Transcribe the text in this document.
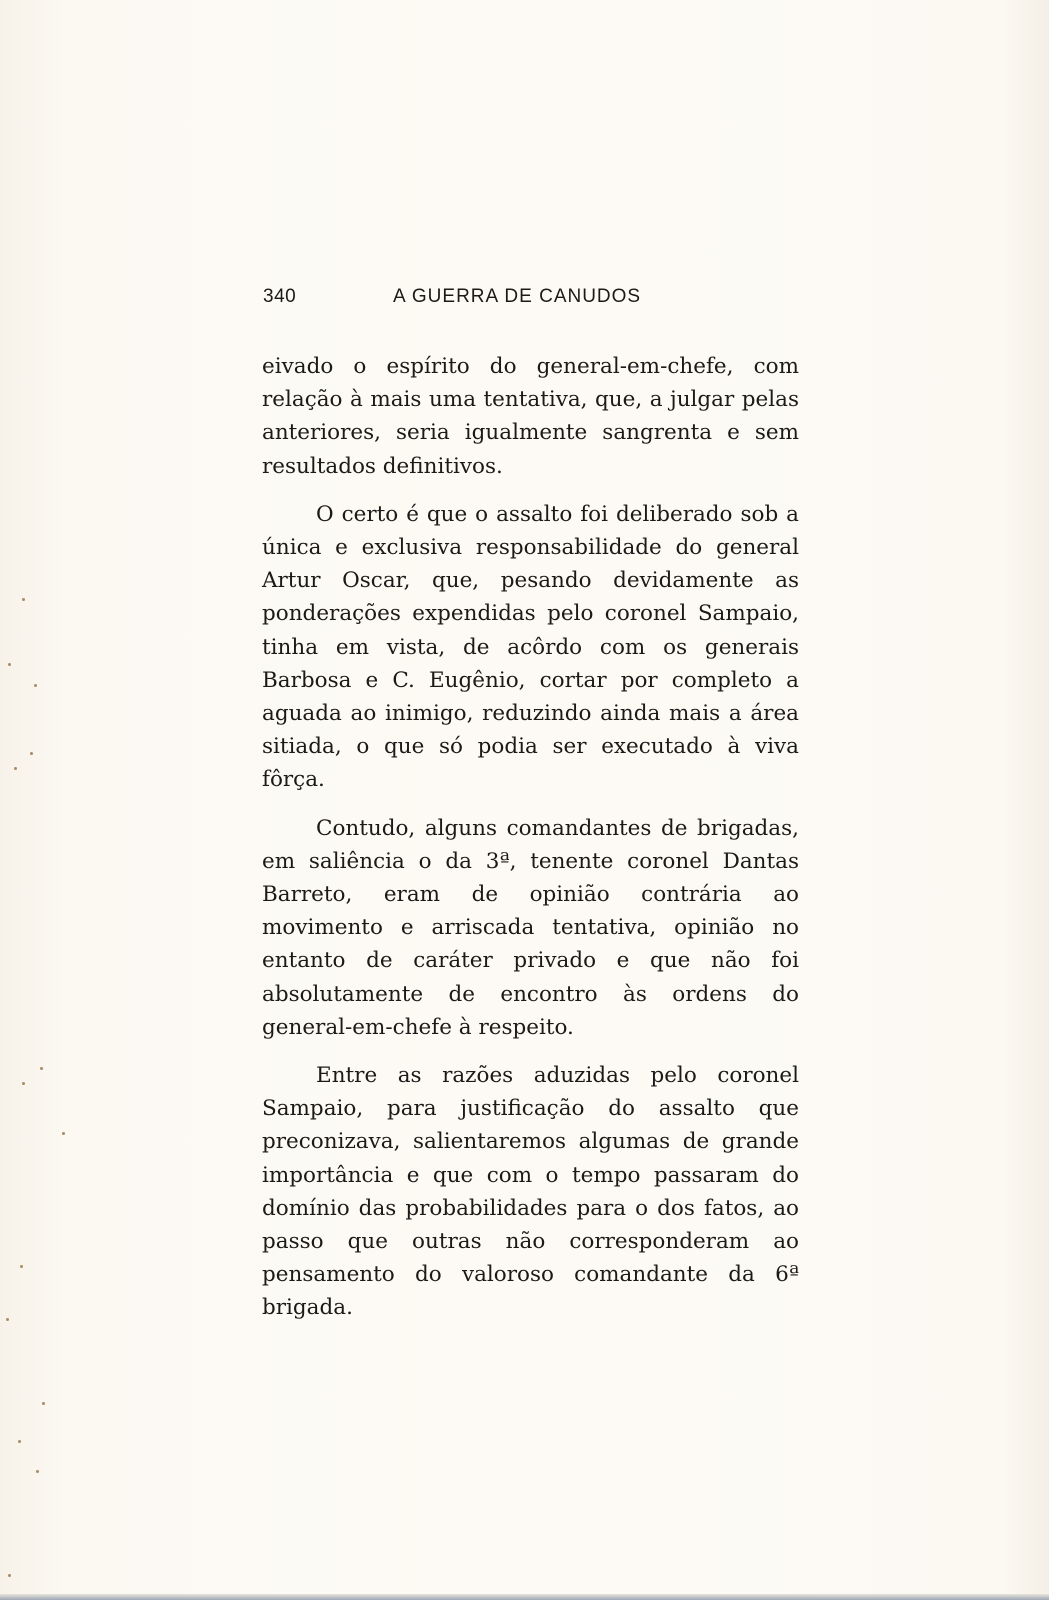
340	A GUERRA DE CANUDOS

eivado o espírito do general-em-chefe, com relação à mais uma tentativa, que, a julgar pelas anteriores, seria igualmente sangrenta e sem resultados definitivos.

O certo é que o assalto foi deliberado sob a única e exclusiva responsabilidade do general Artur Oscar, que, pesando devidamente as ponderações expendidas pelo coronel Sampaio, tinha em vista, de acôrdo com os generais Barbosa e C. Eugênio, cortar por completo a aguada ao inimigo, reduzindo ainda mais a área sitiada, o que só podia ser executado à viva fôrça.

Contudo, alguns comandantes de brigadas, em saliência o da 3ª, tenente coronel Dantas Barreto, eram de opinião contrária ao movimento e arriscada tentativa, opinião no entanto de caráter privado e que não foi absolutamente de encontro às ordens do general-em-chefe à respeito.

Entre as razões aduzidas pelo coronel Sampaio, para justificação do assalto que preconizava, salientaremos algumas de grande importância e que com o tempo passaram do domínio das probabilidades para o dos fatos, ao passo que outras não corresponderam ao pensamento do valoroso comandante da 6ª brigada.
